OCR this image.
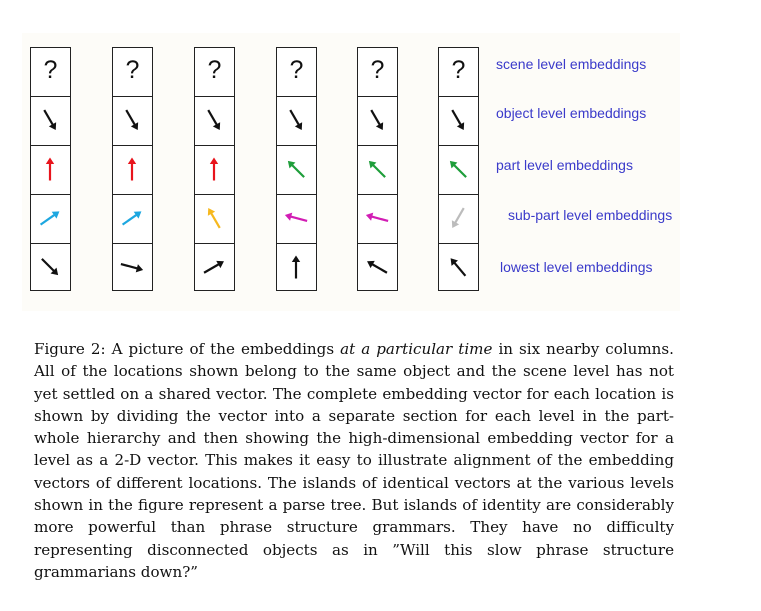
?	?	?	?	?	?	scene level embeddings
object level embeddings
part level embeddings
sub-part level embeddings
lowest level embeddings
Figure 2: A picture of the embeddings at a particular time in six nearby columns. All of the locations shown belong to the same object and the scene level has not yet settled on a shared vector. The complete embedding vector for each location is shown by dividing the vector into a separate section for each level in the part-whole hierarchy and then showing the high-dimensional embedding vector for a level as a 2-D vector. This makes it easy to illustrate alignment of the embedding vectors of different locations. The islands of identical vectors at the various levels shown in the figure represent a parse tree. But islands of identity are considerably more powerful than phrase structure grammars. They have no difficulty representing disconnected objects as in ”Will this slow phrase structure grammarians down?”
